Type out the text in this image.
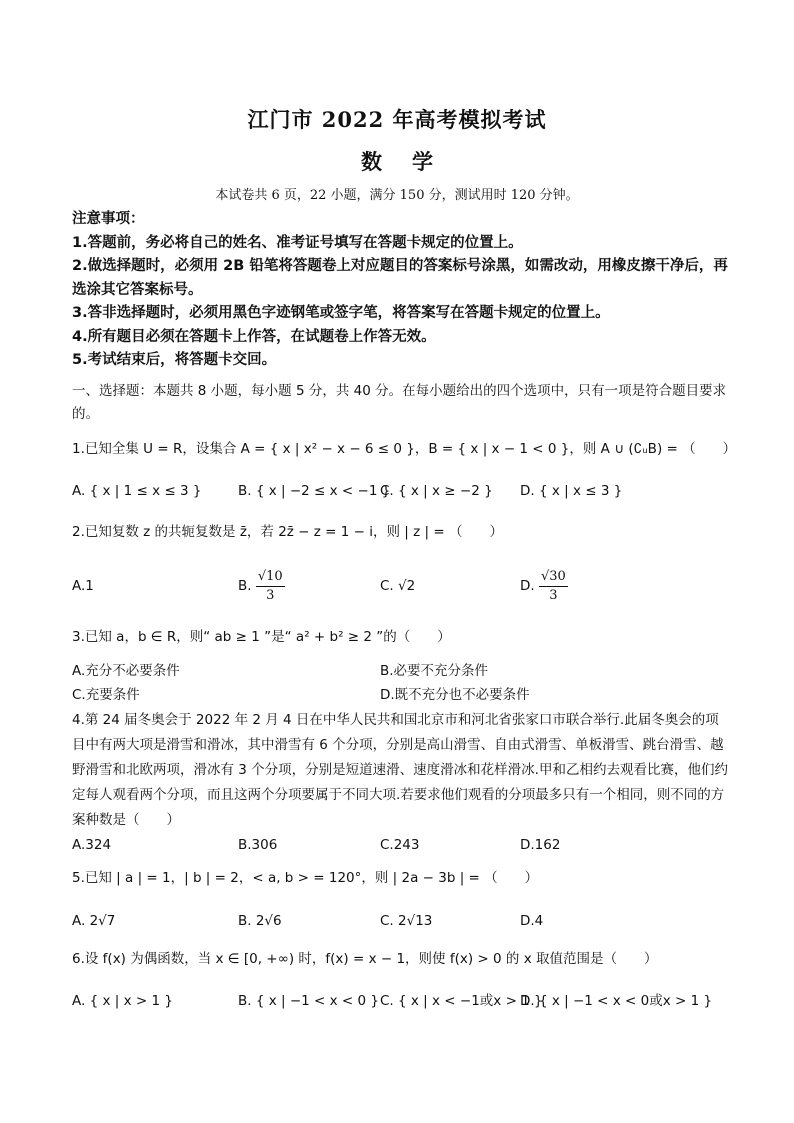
江门市 2022 年高考模拟考试
数学
本试卷共 6 页，22 小题，满分 150 分，测试用时 120 分钟。
注意事项：
1.答题前，务必将自己的姓名、准考证号填写在答题卡规定的位置上。
2.做选择题时，必须用 2B 铅笔将答题卷上对应题目的答案标号涂黑，如需改动，用橡皮擦干净后，再选涂其它答案标号。
3.答非选择题时，必须用黑色字迹钢笔或签字笔，将答案写在答题卡规定的位置上。
4.所有题目必须在答题卡上作答，在试题卷上作答无效。
5.考试结束后，将答题卡交回。
一、选择题：本题共 8 小题，每小题 5 分，共 40 分。在每小题给出的四个选项中，只有一项是符合题目要求的。
1.已知全集 U = R，设集合 A = { x | x² − x − 6 ≤ 0 }，B = { x | x − 1 < 0 }，则 A ∪ (∁ᵤB) = （　　）
A. { x | 1 ≤ x ≤ 3 }	B. { x | −2 ≤ x < −1 }
C. { x | x ≥ −2 } D. { x | x ≤ 3 }
2.已知复数 z 的共轭复数是 z̄，若 2z̄ − z = 1 − i，则 | z | = （　　）
A.1	B. $\frac{√10}{3}$	C. √2	D. $\frac{√30}{3}$
3.已知 a，b ∈ R，则“ ab ≥ 1 ”是“ a² + b² ≥ 2 ”的（　　）
A.充分不必要条件	B.必要不充分条件
C.充要条件	D.既不充分也不必要条件
4.第 24 届冬奥会于 2022 年 2 月 4 日在中华人民共和国北京市和河北省张家口市联合举行.此届冬奥会的项目中有两大项是滑雪和滑冰，其中滑雪有 6 个分项，分别是高山滑雪、自由式滑雪、单板滑雪、跳台滑雪、越野滑雪和北欧两项，滑冰有 3 个分项，分别是短道速滑、速度滑冰和花样滑冰.甲和乙相约去观看比赛，他们约定每人观看两个分项，而且这两个分项要属于不同大项.若要求他们观看的分项最多只有一个相同，则不同的方案种数是（　　）
A.324	B.306	C.243	D.162
5.已知 | a | = 1，| b | = 2，< a, b > = 120°，则 | 2a − 3b | = （　　）
A. 2√7	B. 2√6	C. 2√13	D.4
6.设 f(x) 为偶函数，当 x ∈ [0, +∞) 时，f(x) = x − 1，则使 f(x) > 0 的 x 取值范围是（　　）
A. { x | x > 1 }	B. { x | −1 < x < 0 } C. { x | x < −1或x > 1 }
D. { x | −1 < x < 0或x > 1 }
